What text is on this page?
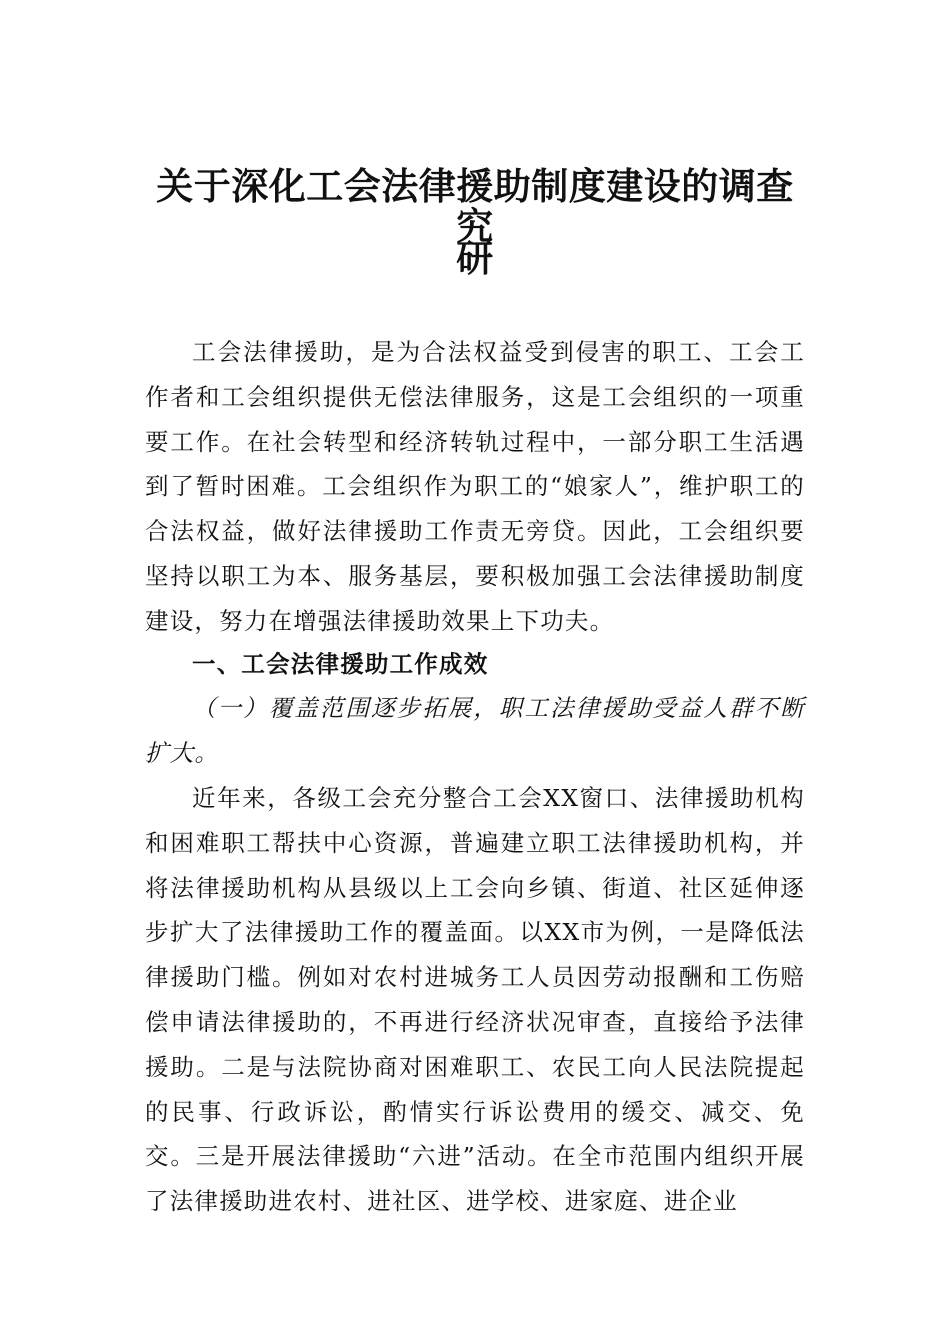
关于深化工会法律援助制度建设的调查研
究

工会法律援助，是为合法权益受到侵害的职工、工会工作者和工会组织提供无偿法律服务，这是工会组织的一项重要工作。在社会转型和经济转轨过程中，一部分职工生活遇到了暂时困难。工会组织作为职工的“娘家人”，维护职工的合法权益，做好法律援助工作责无旁贷。因此，工会组织要坚持以职工为本、服务基层，要积极加强工会法律援助制度建设，努力在增强法律援助效果上下功夫。

一、工会法律援助工作成效
（一）覆盖范围逐步拓展，职工法律援助受益人群不断扩大。

近年来，各级工会充分整合工会XX窗口、法律援助机构和困难职工帮扶中心资源，普遍建立职工法律援助机构，并将法律援助机构从县级以上工会向乡镇、街道、社区延伸逐步扩大了法律援助工作的覆盖面。以XX市为例，一是降低法律援助门槛。例如对农村进城务工人员因劳动报酬和工伤赔偿申请法律援助的，不再进行经济状况审查，直接给予法律援助。二是与法院协商对困难职工、农民工向人民法院提起的民事、行政诉讼，酌情实行诉讼费用的缓交、减交、免交。三是开展法律援助“六进”活动。在全市范围内组织开展了法律援助进农村、进社区、进学校、进家庭、进企业
